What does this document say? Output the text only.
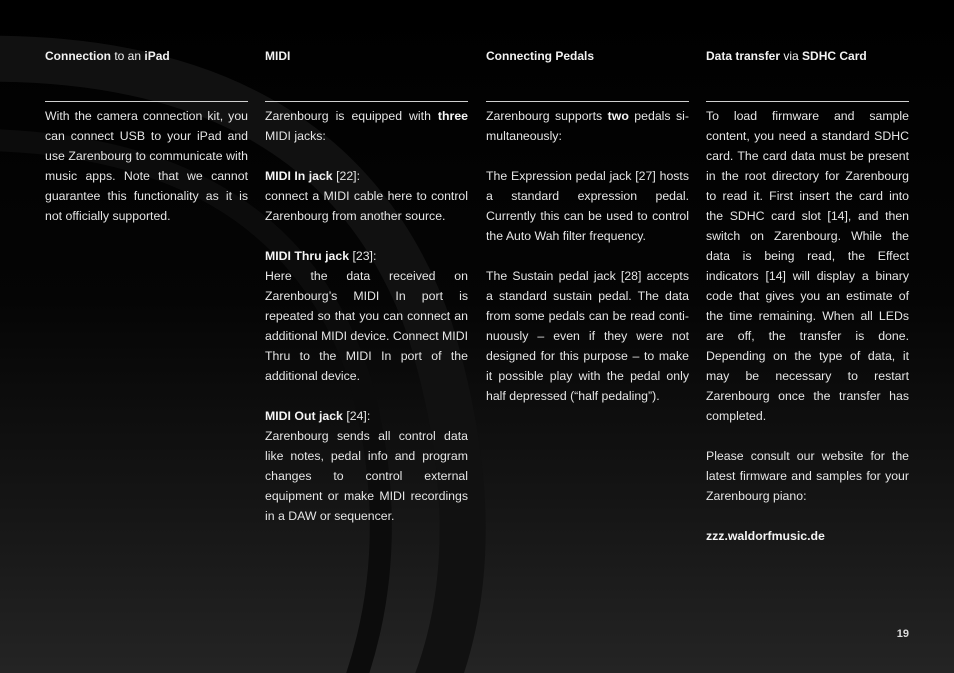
Connection to an iPad

With the camera connection kit, you can connect USB to your iPad and use Zarenbourg to communicate with music apps. Note that we cannot guarantee this functionality as it is not officially supported.

MIDI

Zarenbourg is equipped with three MIDI jacks:

MIDI In jack [22]:
connect a MIDI cable here to control Zarenbourg from another source.

MIDI Thru jack [23]:
Here the data received on Zarenbourg’s MIDI In port is repeated so that you can connect an additional MIDI device. Connect MIDI Thru to the MIDI In port of the additional device.

MIDI Out jack [24]:
Zarenbourg sends all control data like notes, pedal info and program changes to control external equipment or make MIDI recordings in a DAW or sequencer.

Connecting Pedals

Zarenbourg supports two pedals simultaneously:

The Expression pedal jack [27] hosts a standard expression pedal. Currently this can be used to control the Auto Wah filter frequency.

The Sustain pedal jack [28] accepts a standard sustain pedal. The data from some pedals can be read continuously – even if they were not designed for this purpose – to make it possible play with the pedal only half depressed (“half pedaling”).

Data transfer via SDHC Card

To load firmware and sample content, you need a standard SDHC card. The card data must be present in the root directory for Zarenbourg to read it. First insert the card into the SDHC card slot [14], and then switch on Zarenbourg. While the data is being read, the Effect indicators [14] will display a binary code that gives you an estimate of the time remaining. When all LEDs are off, the transfer is done. Depending on the type of data, it may be necessary to restart Zarenbourg once the transfer has completed.

Please consult our website for the latest firmware and samples for your Zarenbourg piano:

zzz.waldorfmusic.de

19
